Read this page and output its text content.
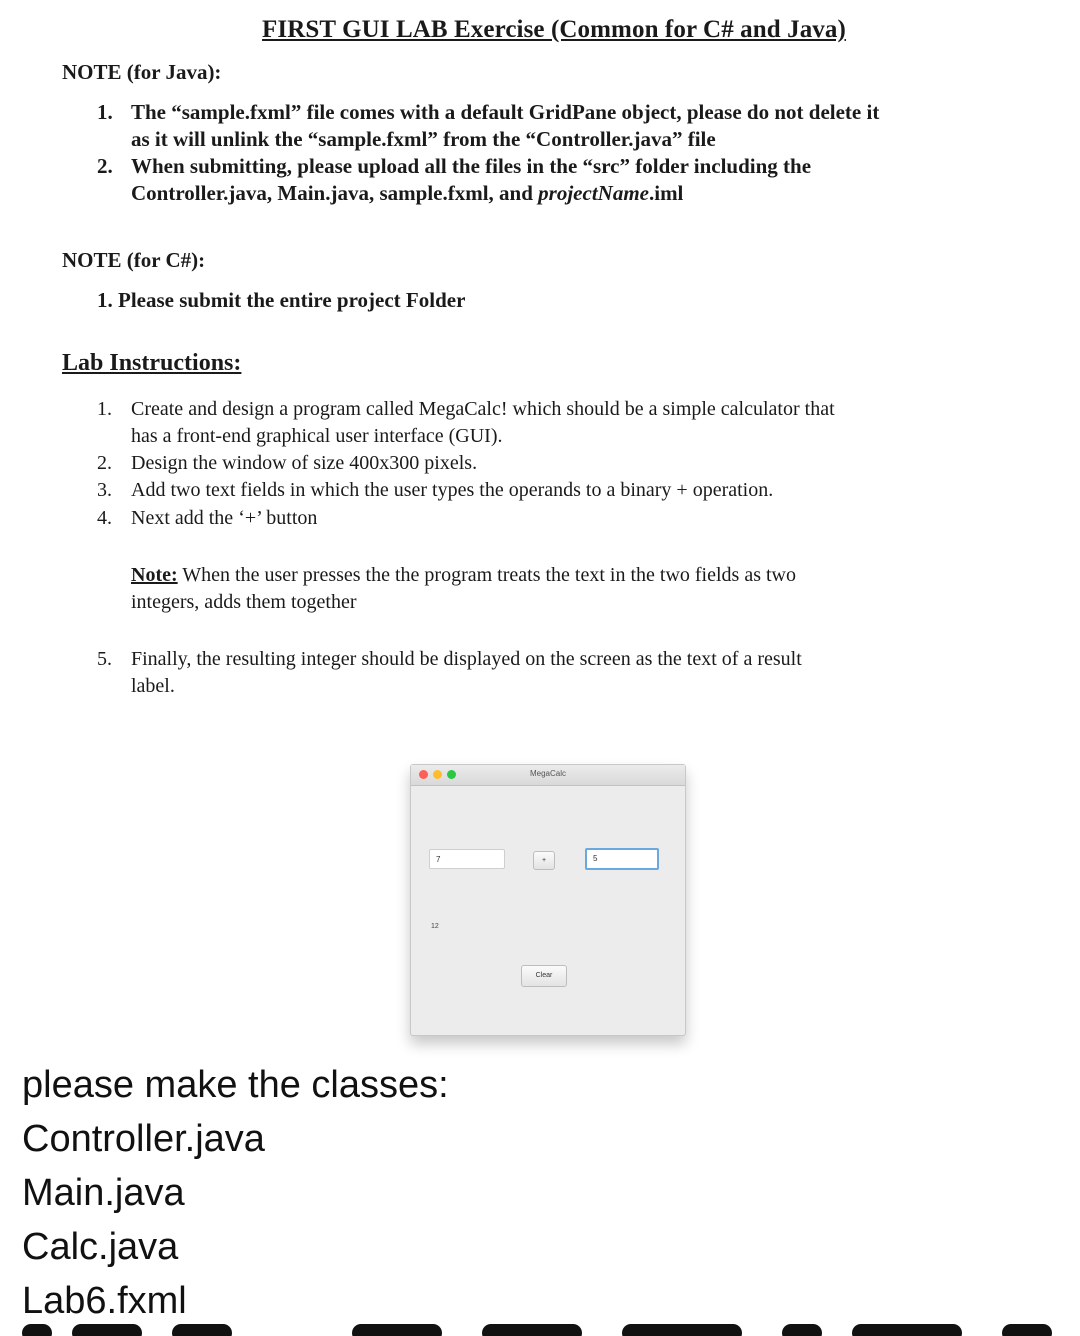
FIRST GUI LAB Exercise (Common for C# and Java)
NOTE (for Java):
1. The “sample.fxml” file comes with a default GridPane object, please do not delete it
as it will unlink the “sample.fxml” from the “Controller.java” file
2. When submitting, please upload all the files in the “src” folder including the
Controller.java, Main.java, sample.fxml, and projectName.iml
NOTE (for C#):
1. Please submit the entire project Folder
Lab Instructions:
1. Create and design a program called MegaCalc! which should be a simple calculator that
has a front-end graphical user interface (GUI).
2. Design the window of size 400x300 pixels.
3. Add two text fields in which the user types the operands to a binary + operation.
4. Next add the ‘+’ button
Note: When the user presses the the program treats the text in the two fields as two
integers, adds them together
5. Finally, the resulting integer should be displayed on the screen as the text of a result
label.
MegaCalc
7	+	5
12
Clear
please make the classes:
Controller.java
Main.java
Calc.java
Lab6.fxml
